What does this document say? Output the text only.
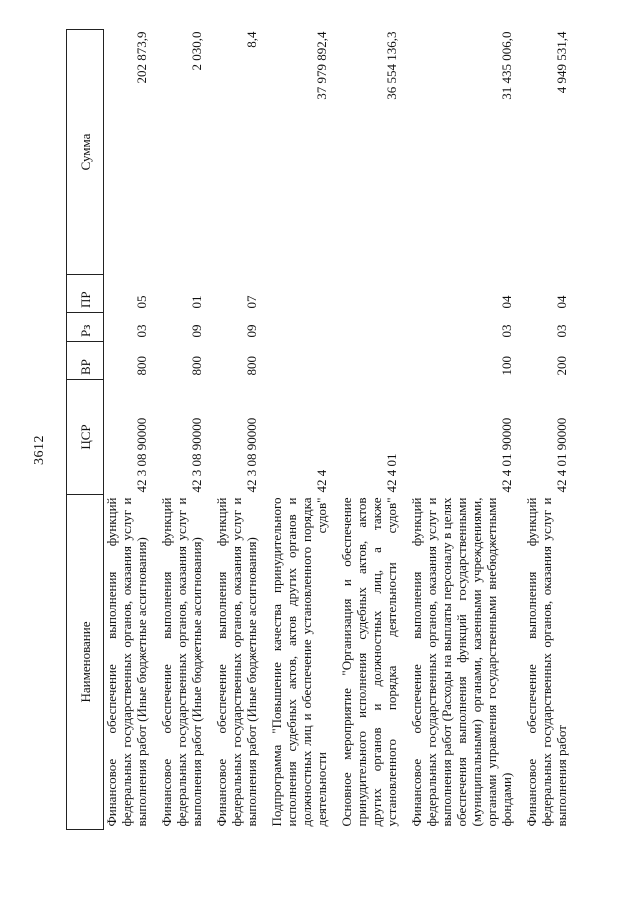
3612
Наименование	ЦСР	ВР	Рз	ПР	Сумма
Финансовое обеспечение выполнения функций федеральных государственных органов, оказания услуг и выполнения работ (Иные бюджетные ассигнования)	42 3 08 90000	800	03	05	202 873,9
Финансовое обеспечение выполнения функций федеральных государственных органов, оказания услуг и выполнения работ (Иные бюджетные ассигнования)	42 3 08 90000	800	09	01	2 030,0
Финансовое обеспечение выполнения функций федеральных государственных органов, оказания услуг и выполнения работ (Иные бюджетные ассигнования)	42 3 08 90000	800	09	07	8,4
Подпрограмма "Повышение качества принудительного исполнения судебных актов, актов других органов и должностных лиц и обеспечение установленного порядка деятельности судов"	42 4				37 979 892,4
Основное мероприятие "Организация и обеспечение принудительного исполнения судебных актов, актов других органов и должностных лиц, а также установленного порядка деятельности судов"	42 4 01				36 554 136,3
Финансовое обеспечение выполнения функций федеральных государственных органов, оказания услуг и выполнения работ (Расходы на выплаты персоналу в целях обеспечения выполнения функций государственными (муниципальными) органами, казенными учреждениями, органами управления государственными внебюджетными фондами)	42 4 01 90000	100	03	04	31 435 006,0
Финансовое обеспечение выполнения функций федеральных государственных органов, оказания услуг и выполнения работ	42 4 01 90000	200	03	04	4 949 531,4
